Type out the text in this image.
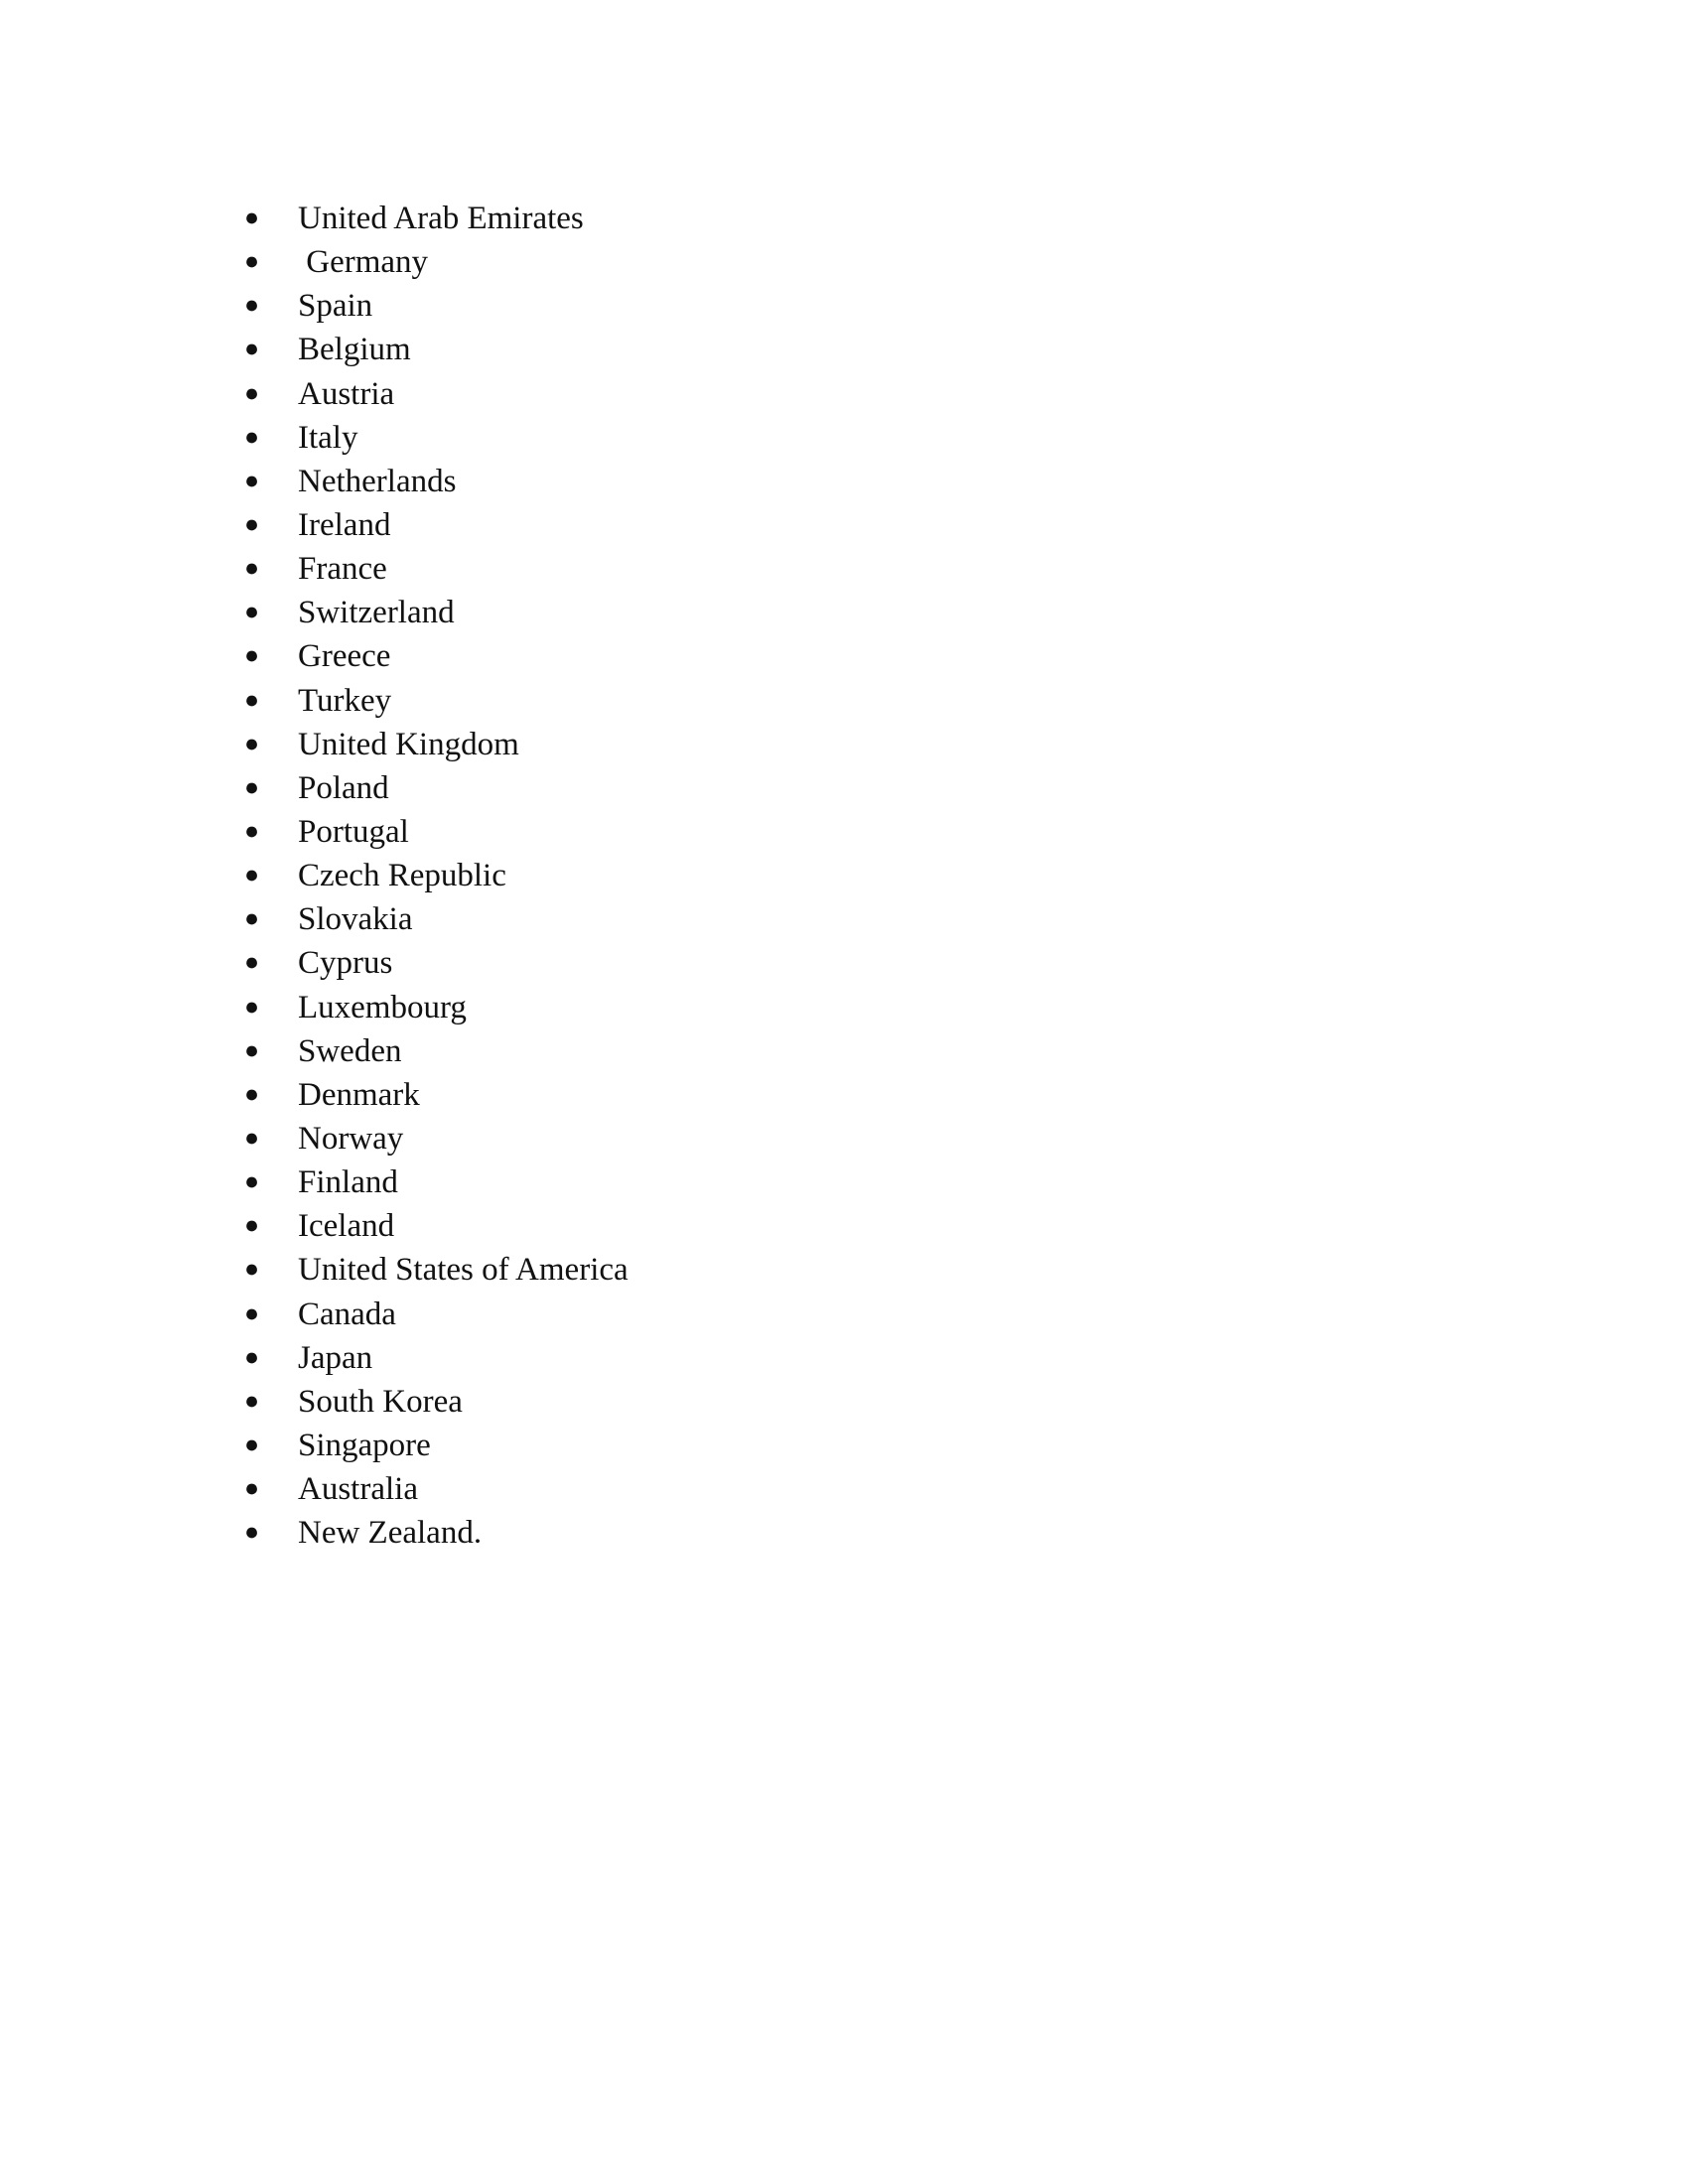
●	United Arab Emirates
●	Germany
●	Spain
●	Belgium
●	Austria
●	Italy
●	Netherlands
●	Ireland
●	France
●	Switzerland
●	Greece
●	Turkey
●	United Kingdom
●	Poland
●	Portugal
●	Czech Republic
●	Slovakia
●	Cyprus
●	Luxembourg
●	Sweden
●	Denmark
●	Norway
●	Finland
●	Iceland
●	United States of America
●	Canada
●	Japan
●	South Korea
●	Singapore
●	Australia
●	New Zealand.
